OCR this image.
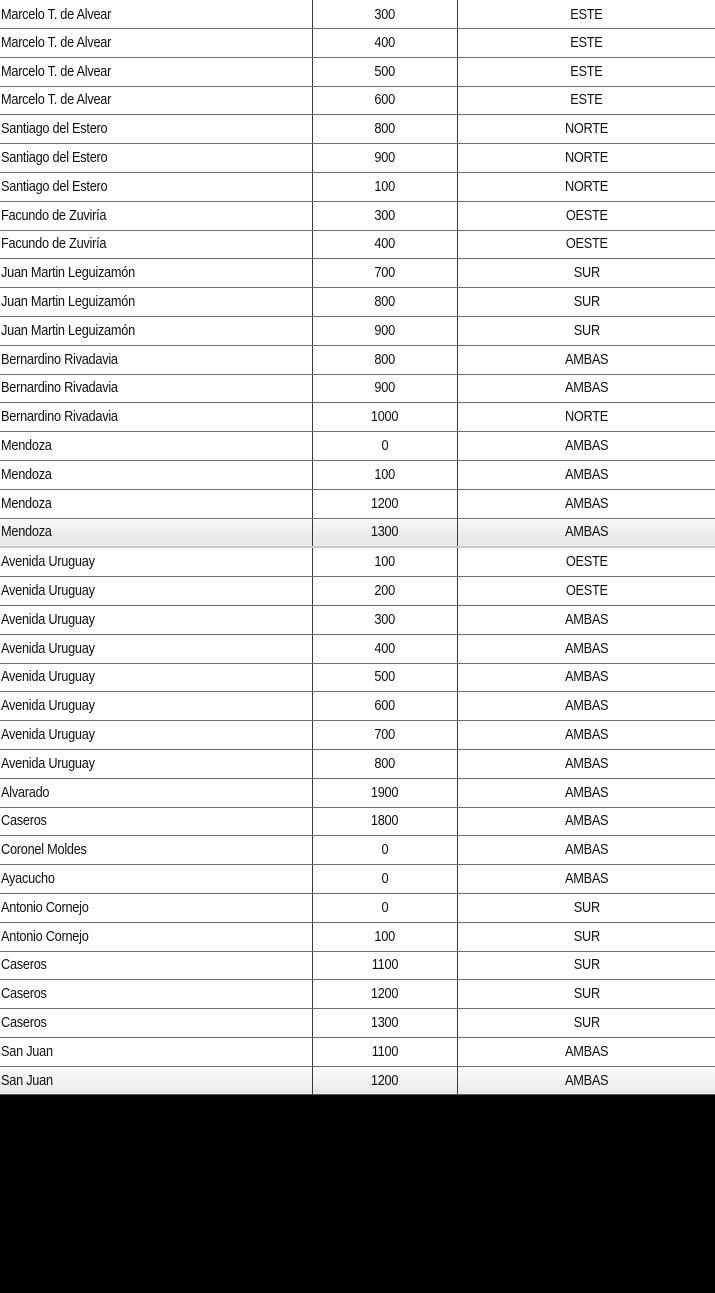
Marcelo T. de Alvear	300	ESTE
Marcelo T. de Alvear	400	ESTE
Marcelo T. de Alvear	500	ESTE
Marcelo T. de Alvear	600	ESTE
Santiago del Estero	800	NORTE
Santiago del Estero	900	NORTE
Santiago del Estero	100	NORTE
Facundo de Zuviría	300	OESTE
Facundo de Zuviría	400	OESTE
Juan Martin Leguizamón	700	SUR
Juan Martin Leguizamón	800	SUR
Juan Martin Leguizamón	900	SUR
Bernardino Rivadavia	800	AMBAS
Bernardino Rivadavia	900	AMBAS
Bernardino Rivadavia	1000	NORTE
Mendoza	0	AMBAS
Mendoza	100	AMBAS
Mendoza	1200	AMBAS
Mendoza	1300	AMBAS
Avenida Uruguay	100	OESTE
Avenida Uruguay	200	OESTE
Avenida Uruguay	300	AMBAS
Avenida Uruguay	400	AMBAS
Avenida Uruguay	500	AMBAS
Avenida Uruguay	600	AMBAS
Avenida Uruguay	700	AMBAS
Avenida Uruguay	800	AMBAS
Alvarado	1900	AMBAS
Caseros	1800	AMBAS
Coronel Moldes	0	AMBAS
Ayacucho	0	AMBAS
Antonio Cornejo	0	SUR
Antonio Cornejo	100	SUR
Caseros	1100	SUR
Caseros	1200	SUR
Caseros	1300	SUR
San Juan	1100	AMBAS
San Juan	1200	AMBAS
